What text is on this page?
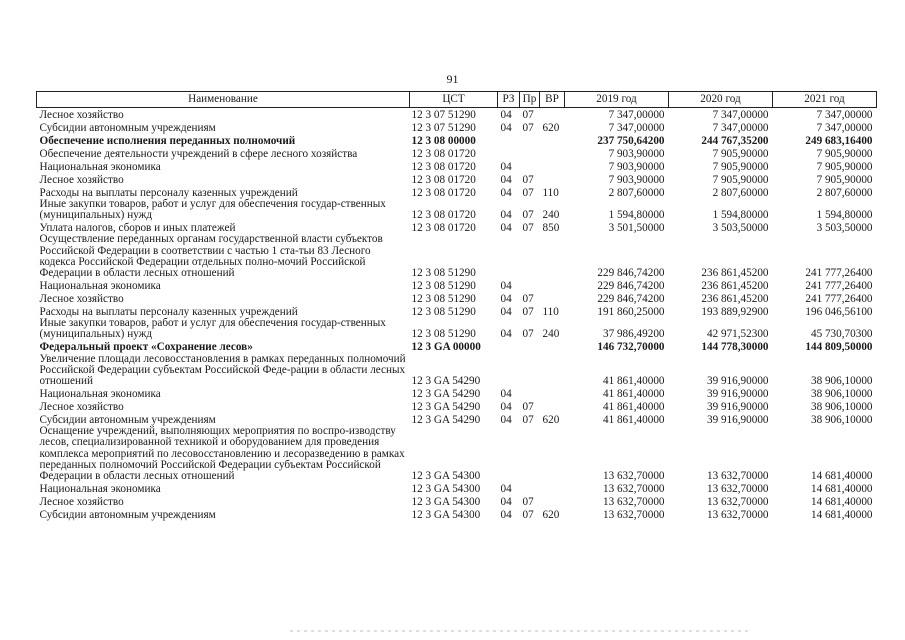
91
Наименование	ЦСТ	РЗ	Пр	ВР	2019 год	2020 год	2021 год
Лесное хозяйство	12 3 07 51290	04	07		7 347,00000	7 347,00000	7 347,00000
Субсидии автономным учреждениям	12 3 07 51290	04	07	620	7 347,00000	7 347,00000	7 347,00000
Обеспечение исполнения переданных полномочий	12 3 08 00000				237 750,64200	244 767,35200	249 683,16400
Обеспечение деятельности учреждений в сфере лесного хозяйства	12 3 08 01720				7 903,90000	7 905,90000	7 905,90000
Национальная экономика	12 3 08 01720	04			7 903,90000	7 905,90000	7 905,90000
Лесное хозяйство	12 3 08 01720	04	07		7 903,90000	7 905,90000	7 905,90000
Расходы на выплаты персоналу казенных учреждений	12 3 08 01720	04	07	110	2 807,60000	2 807,60000	2 807,60000
Иные закупки товаров, работ и услуг для обеспечения государ-ственных (муниципальных) нужд	12 3 08 01720	04	07	240	1 594,80000	1 594,80000	1 594,80000
Уплата налогов, сборов и иных платежей	12 3 08 01720	04	07	850	3 501,50000	3 503,50000	3 503,50000
Осуществление переданных органам государственной власти субъектов Российской Федерации в соответствии с частью 1 ста-тьи 83 Лесного кодекса Российской Федерации отдельных полно-мочий Российской Федерации в области лесных отношений	12 3 08 51290				229 846,74200	236 861,45200	241 777,26400
Национальная экономика	12 3 08 51290	04			229 846,74200	236 861,45200	241 777,26400
Лесное хозяйство	12 3 08 51290	04	07		229 846,74200	236 861,45200	241 777,26400
Расходы на выплаты персоналу казенных учреждений	12 3 08 51290	04	07	110	191 860,25000	193 889,92900	196 046,56100
Иные закупки товаров, работ и услуг для обеспечения государ-ственных (муниципальных) нужд	12 3 08 51290	04	07	240	37 986,49200	42 971,52300	45 730,70300
Федеральный проект «Сохранение лесов»	12 3 GA 00000				146 732,70000	144 778,30000	144 809,50000
Увеличение площади лесовосстановления в рамках переданных полномочий Российской Федерации субъектам Российской Феде-рации в области лесных отношений	12 3 GA 54290				41 861,40000	39 916,90000	38 906,10000
Национальная экономика	12 3 GA 54290	04			41 861,40000	39 916,90000	38 906,10000
Лесное хозяйство	12 3 GA 54290	04	07		41 861,40000	39 916,90000	38 906,10000
Субсидии автономным учреждениям	12 3 GA 54290	04	07	620	41 861,40000	39 916,90000	38 906,10000
Оснащение учреждений, выполняющих мероприятия по воспро-изводству лесов, специализированной техникой и оборудованием для проведения комплекса мероприятий по лесовосстановлению и лесоразведению в рамках переданных полномочий Российской Федерации субъектам Российской Федерации в области лесных отношений	12 3 GA 54300				13 632,70000	13 632,70000	14 681,40000
Национальная экономика	12 3 GA 54300	04			13 632,70000	13 632,70000	14 681,40000
Лесное хозяйство	12 3 GA 54300	04	07		13 632,70000	13 632,70000	14 681,40000
Субсидии автономным учреждениям	12 3 GA 54300	04	07	620	13 632,70000	13 632,70000	14 681,40000
